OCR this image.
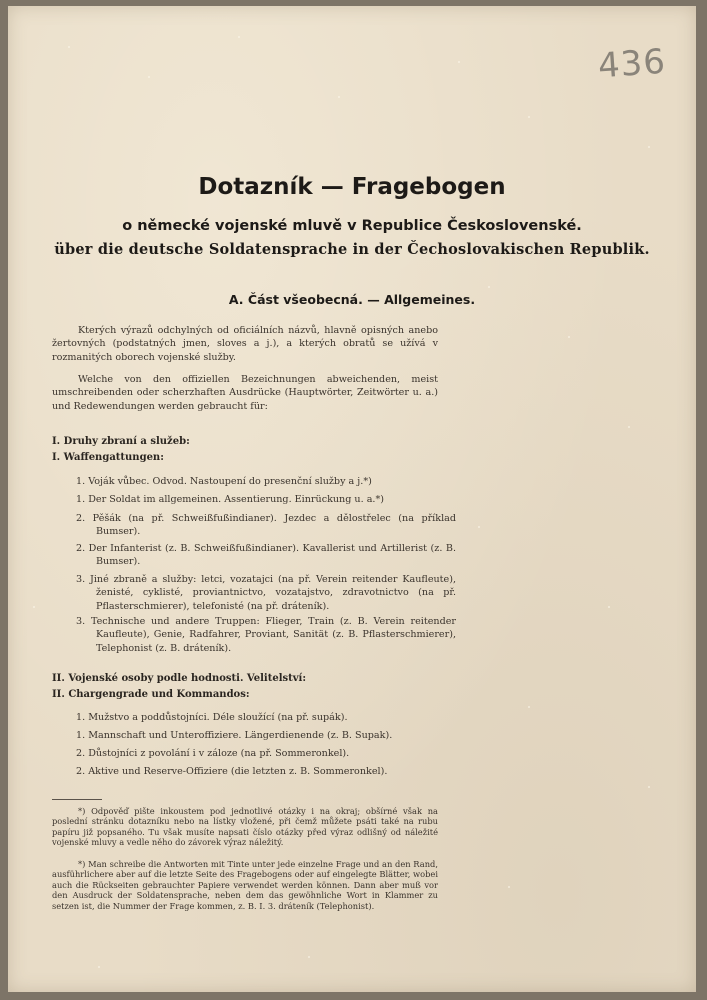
436
Dotazník — Fragebogen
o německé vojenské mluvě v Republice Československé.
über die deutsche Soldatensprache in der Čechoslovakischen Republik.
A. Část všeobecná. — Allgemeines.
Kterých výrazů odchylných od oficiálních názvů, hlavně opisných anebo žertovných (podstatných jmen, sloves a j.), a kterých obratů se užívá v rozmanitých oborech vojenské služby.
Welche von den offiziellen Bezeichnungen abweichenden, meist umschreibenden oder scherzhaften Ausdrücke (Hauptwörter, Zeitwörter u. a.) und Redewendungen werden gebraucht für:
I. Druhy zbraní a služeb:
I. Waffengattungen:
1. Voják vůbec. Odvod. Nastoupení do presenční služby a j.*)
1. Der Soldat im allgemeinen. Assentierung. Einrückung u. a.*)
2. Pěšák (na př. Schweißfußindianer). Jezdec a dělostřelec (na příklad Bumser).
2. Der Infanterist (z. B. Schweißfußindianer). Kavallerist und Artillerist (z. B. Bumser).
3. Jiné zbraně a služby: letci, vozatajci (na př. Verein reitender Kaufleute), ženisté, cyklisté, proviantnictvo, vozatajstvo, zdravotnictvo (na př. Pflasterschmierer), telefonisté (na př. dráteník).
3. Technische und andere Truppen: Flieger, Train (z. B. Verein reitender Kaufleute), Genie, Radfahrer, Proviant, Sanität (z. B. Pflasterschmierer), Telephonist (z. B. dráteník).
II. Vojenské osoby podle hodnosti. Velitelství:
II. Chargengrade und Kommandos:
1. Mužstvo a poddůstojníci. Déle sloužící (na př. supák).
1. Mannschaft und Unteroffiziere. Längerdienende (z. B. Supak).
2. Důstojníci z povolání i v záloze (na př. Sommeronkel).
2. Aktive und Reserve-Offiziere (die letzten z. B. Sommeronkel).
*) Odpověď pište inkoustem pod jednotlivé otázky i na okraj; obšírné však na poslední stránku dotazníku nebo na lístky vložené, při čemž můžete psáti také na rubu papíru již popsaného. Tu však musíte napsati číslo otázky před výraz odlišný od náležité vojenské mluvy a vedle něho do závorek výraz náležitý.
*) Man schreibe die Antworten mit Tinte unter jede einzelne Frage und an den Rand, ausführlichere aber auf die letzte Seite des Fragebogens oder auf eingelegte Blätter, wobei auch die Rückseiten gebrauchter Papiere verwendet werden können. Dann aber muß vor den Ausdruck der Soldatensprache, neben dem das gewöhnliche Wort in Klammer zu setzen ist, die Nummer der Frage kommen, z. B. I. 3. dráteník (Telephonist).
